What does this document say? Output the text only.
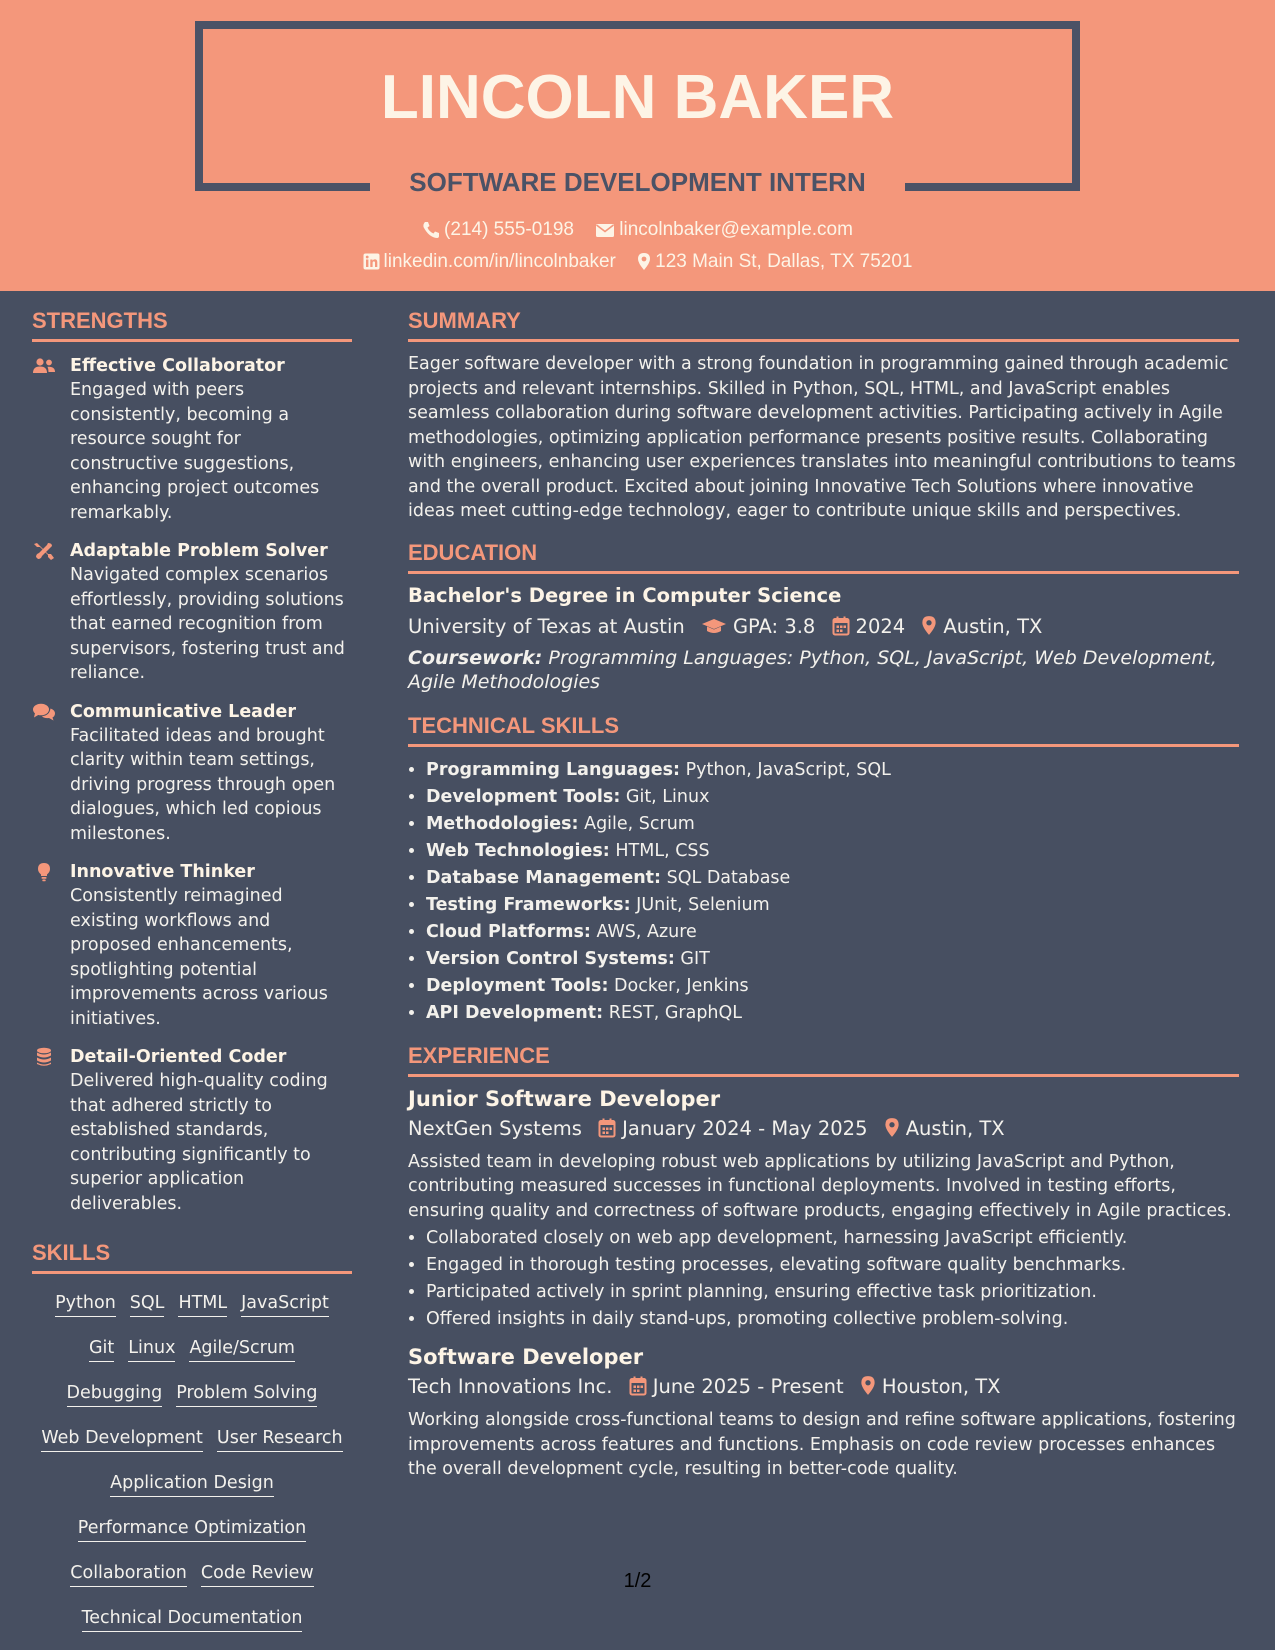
LINCOLN BAKER
SOFTWARE DEVELOPMENT INTERN
(214) 555-0198 lincolnbaker@example.com
linkedin.com/in/lincolnbaker 123 Main St, Dallas, TX 75201
STRENGTHS
Effective Collaborator
Engaged with peers consistently, becoming a resource sought for constructive suggestions, enhancing project outcomes remarkably.
Adaptable Problem Solver
Navigated complex scenarios effortlessly, providing solutions that earned recognition from supervisors, fostering trust and reliance.
Communicative Leader
Facilitated ideas and brought clarity within team settings, driving progress through open dialogues, which led copious milestones.
Innovative Thinker
Consistently reimagined existing workflows and proposed enhancements, spotlighting potential improvements across various initiatives.
Detail-Oriented Coder
Delivered high-quality coding that adhered strictly to established standards, contributing significantly to superior application deliverables.
SKILLS
Python SQL HTML JavaScript
Git Linux Agile/Scrum
Debugging Problem Solving
Web Development User Research
Application Design
Performance Optimization
Collaboration Code Review
Technical Documentation
SUMMARY
Eager software developer with a strong foundation in programming gained through academic projects and relevant internships. Skilled in Python, SQL, HTML, and JavaScript enables seamless collaboration during software development activities. Participating actively in Agile methodologies, optimizing application performance presents positive results. Collaborating with engineers, enhancing user experiences translates into meaningful contributions to teams and the overall product. Excited about joining Innovative Tech Solutions where innovative ideas meet cutting-edge technology, eager to contribute unique skills and perspectives.
EDUCATION
Bachelor's Degree in Computer Science
University of Texas at Austin GPA: 3.8 2024 Austin, TX
Coursework: Programming Languages: Python, SQL, JavaScript, Web Development, Agile Methodologies
TECHNICAL SKILLS
• Programming Languages: Python, JavaScript, SQL
• Development Tools: Git, Linux
• Methodologies: Agile, Scrum
• Web Technologies: HTML, CSS
• Database Management: SQL Database
• Testing Frameworks: JUnit, Selenium
• Cloud Platforms: AWS, Azure
• Version Control Systems: GIT
• Deployment Tools: Docker, Jenkins
• API Development: REST, GraphQL
EXPERIENCE
Junior Software Developer
NextGen Systems January 2024 - May 2025 Austin, TX
Assisted team in developing robust web applications by utilizing JavaScript and Python, contributing measured successes in functional deployments. Involved in testing efforts, ensuring quality and correctness of software products, engaging effectively in Agile practices.
• Collaborated closely on web app development, harnessing JavaScript efficiently.
• Engaged in thorough testing processes, elevating software quality benchmarks.
• Participated actively in sprint planning, ensuring effective task prioritization.
• Offered insights in daily stand-ups, promoting collective problem-solving.
Software Developer
Tech Innovations Inc. June 2025 - Present Houston, TX
Working alongside cross-functional teams to design and refine software applications, fostering improvements across features and functions. Emphasis on code review processes enhances the overall development cycle, resulting in better-code quality.
1/2
